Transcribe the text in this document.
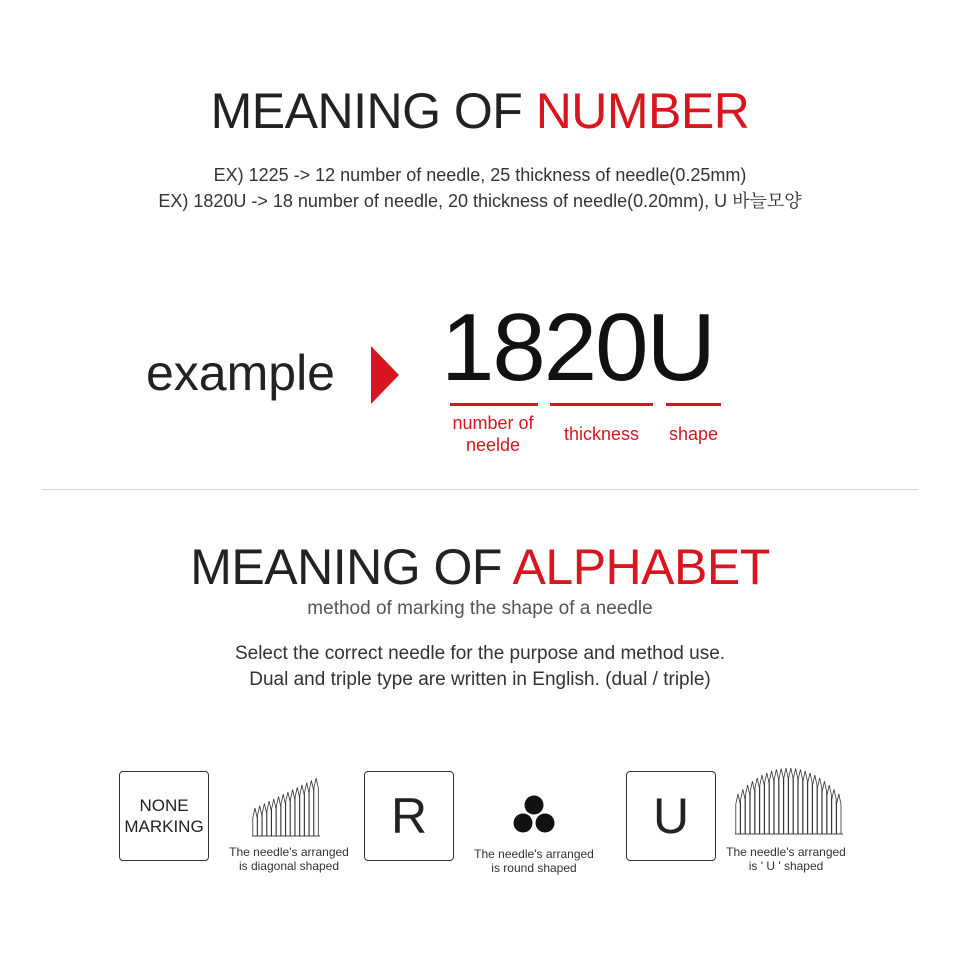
MEANING OF NUMBER
EX) 1225 -> 12 number of needle, 25 thickness of needle(0.25mm)
EX) 1820U -> 18 number of needle, 20 thickness of needle(0.20mm), U 바늘모양
example 1820U
number of
neelde
thickness	shape
MEANING OF ALPHABET
method of marking the shape of a needle
Select the correct needle for the purpose and method use.
Dual and triple type are written in English. (dual / triple)
NONE
MARKING
The needle's arranged
is diagonal shaped
R
The needle's arranged
is round shaped
U
The needle's arranged
is ' U ' shaped
